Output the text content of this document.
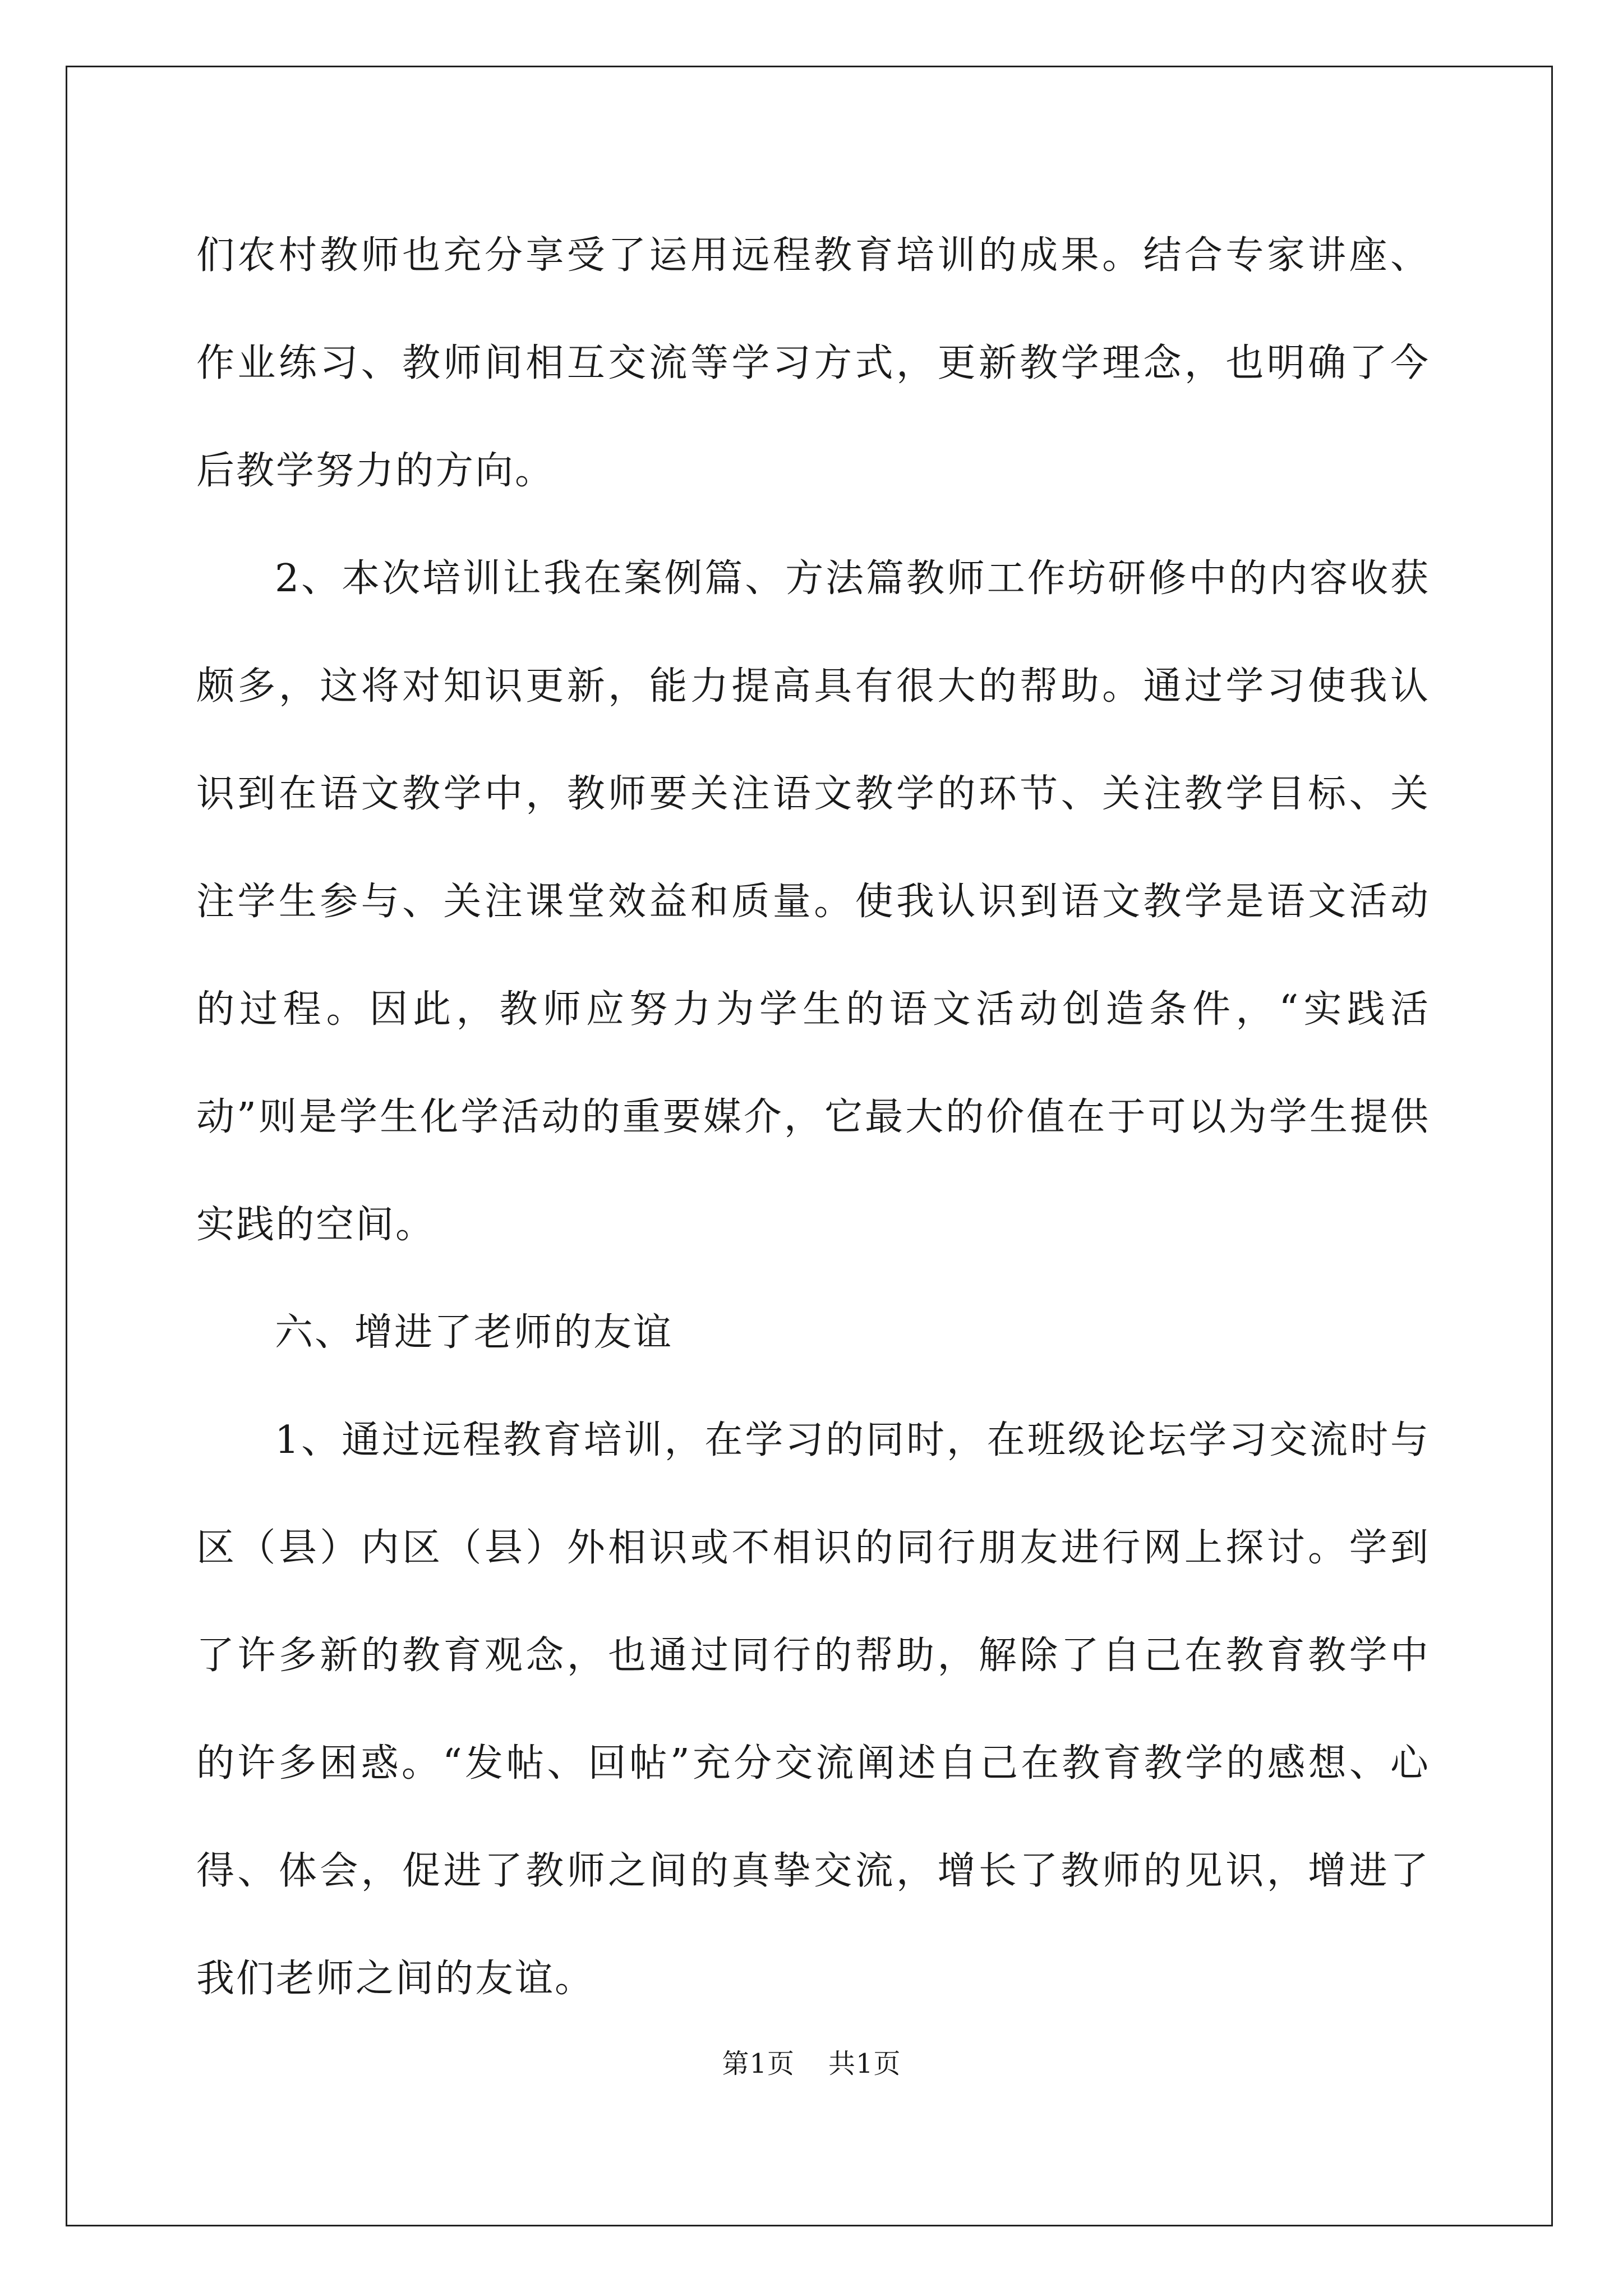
们农村教师也充分享受了运用远程教育培训的成果。结合专家讲座、作业练习、教师间相互交流等学习方式，更新教学理念，也明确了今后教学努力的方向。

2、本次培训让我在案例篇、方法篇教师工作坊研修中的内容收获颇多，这将对知识更新，能力提高具有很大的帮助。通过学习使我认识到在语文教学中，教师要关注语文教学的环节、关注教学目标、关注学生参与、关注课堂效益和质量。使我认识到语文教学是语文活动的过程。因此，教师应努力为学生的语文活动创造条件，“实践活动”则是学生化学活动的重要媒介，它最大的价值在于可以为学生提供实践的空间。

六、增进了老师的友谊

1、通过远程教育培训，在学习的同时，在班级论坛学习交流时与区（县）内区（县）外相识或不相识的同行朋友进行网上探讨。学到了许多新的教育观念，也通过同行的帮助，解除了自己在教育教学中的许多困惑。“发帖、回帖”充分交流阐述自己在教育教学的感想、心得、体会，促进了教师之间的真挚交流，增长了教师的见识，增进了我们老师之间的友谊。

第1页 共1页
